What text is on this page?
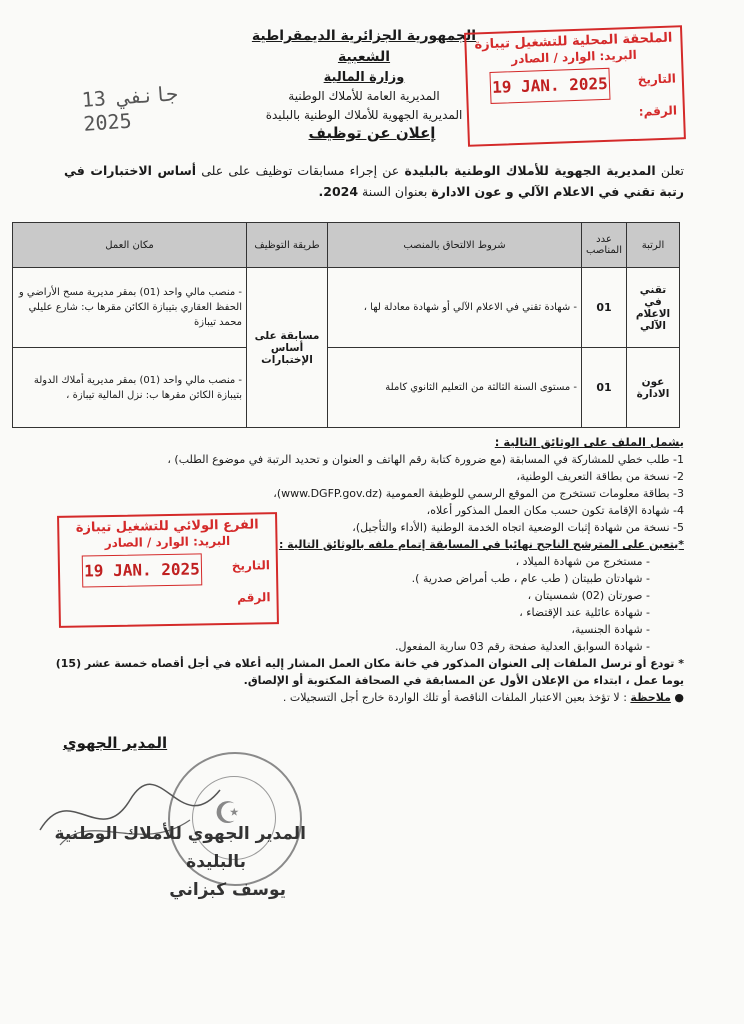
الجمهورية الجزائرية الديمقراطية الشعبية

وزارة المالية

المديرية العامة للأملاك الوطنية

المديرية الجهوية للأملاك الوطنية بالبليدة

13 جانفي 2025
الملحقة المحلية للتشغيل تيبازة
البريد: الوارد / الصادر
التاريخ
19 JAN. 2025
الرقم:
إعلان عن توظيف
تعلن المديرية الجهوية للأملاك الوطنية بالبليدة عن إجراء مسابقات توظيف على على أساس الاختبارات في رتبة تقني في الاعلام الآلي و عون الادارة بعنوان السنة 2024.
الرتبة	عدد المناصب	شروط الالتحاق بالمنصب	طريقة التوظيف	مكان العمل
تقني في الاعلام الآلي	01	- شهادة تقني في الاعلام الآلي أو شهادة معادلة لها ،	مسابقة على أساس الإختبارات	- منصب مالي واحد (01) بمقر مديرية مسح الأراضي و الحفظ العقاري بتيبازة الكائن مقرها ب: شارع عليلي محمد تيبازة
عون الادارة	01	- مستوى السنة الثالثة من التعليم الثانوي كاملة		- منصب مالي واحد (01) بمقر مديرية أملاك الدولة بتيبازة الكائن مقرها ب: نزل المالية تيبازة ،

يشمل الملف على الوثائق التالية :

1- طلب خطي للمشاركة في المسابقة (مع ضرورة كتابة رقم الهاتف و العنوان و تحديد الرتبة في موضوع الطلب) ،

2- نسخة من بطاقة التعريف الوطنية،

3- بطاقة معلومات تستخرج من الموقع الرسمي للوظيفة العمومية (www.DGFP.gov.dz)،

4- شهادة الإقامة تكون حسب مكان العمل المذكور أعلاه،

5- نسخة من شهادة إثبات الوضعية اتجاه الخدمة الوطنية (الأداء والتأجيل)،

*يتعين على المترشح الناجح نهائيا في المسابقة إتمام ملفه بالوثائق التالية :

- مستخرج من شهادة الميلاد ،

- شهادتان طبيتان ( طب عام ، طب أمراض صدرية ).

- صورتان (02) شمسيتان ،

- شهادة عائلية عند الإقتضاء ،

- شهادة الجنسية،

- شهادة السوابق العدلية صفحة رقم 03 سارية المفعول.

* تودع أو ترسل الملفات إلى العنوان المذكور في خانة مكان العمل المشار إليه أعلاه في أجل أقصاه خمسة عشر (15) يوما عمل ، ابتداء من الإعلان الأول عن المسابقة في الصحافة المكتوبة أو الإلصاق.

● ملاحظة : لا تؤخذ بعين الاعتبار الملفات الناقصة أو تلك الواردة خارج أجل التسجيلات .

الفرع الولائي للتشغيل تيبازة
البريد: الوارد / الصادر
التاريخ
19 JAN. 2025
الرقم
المدير الجهوي
☪
المدير الجهوي للأملاك الوطنية
بالبليدة
يوسف كبزاني
